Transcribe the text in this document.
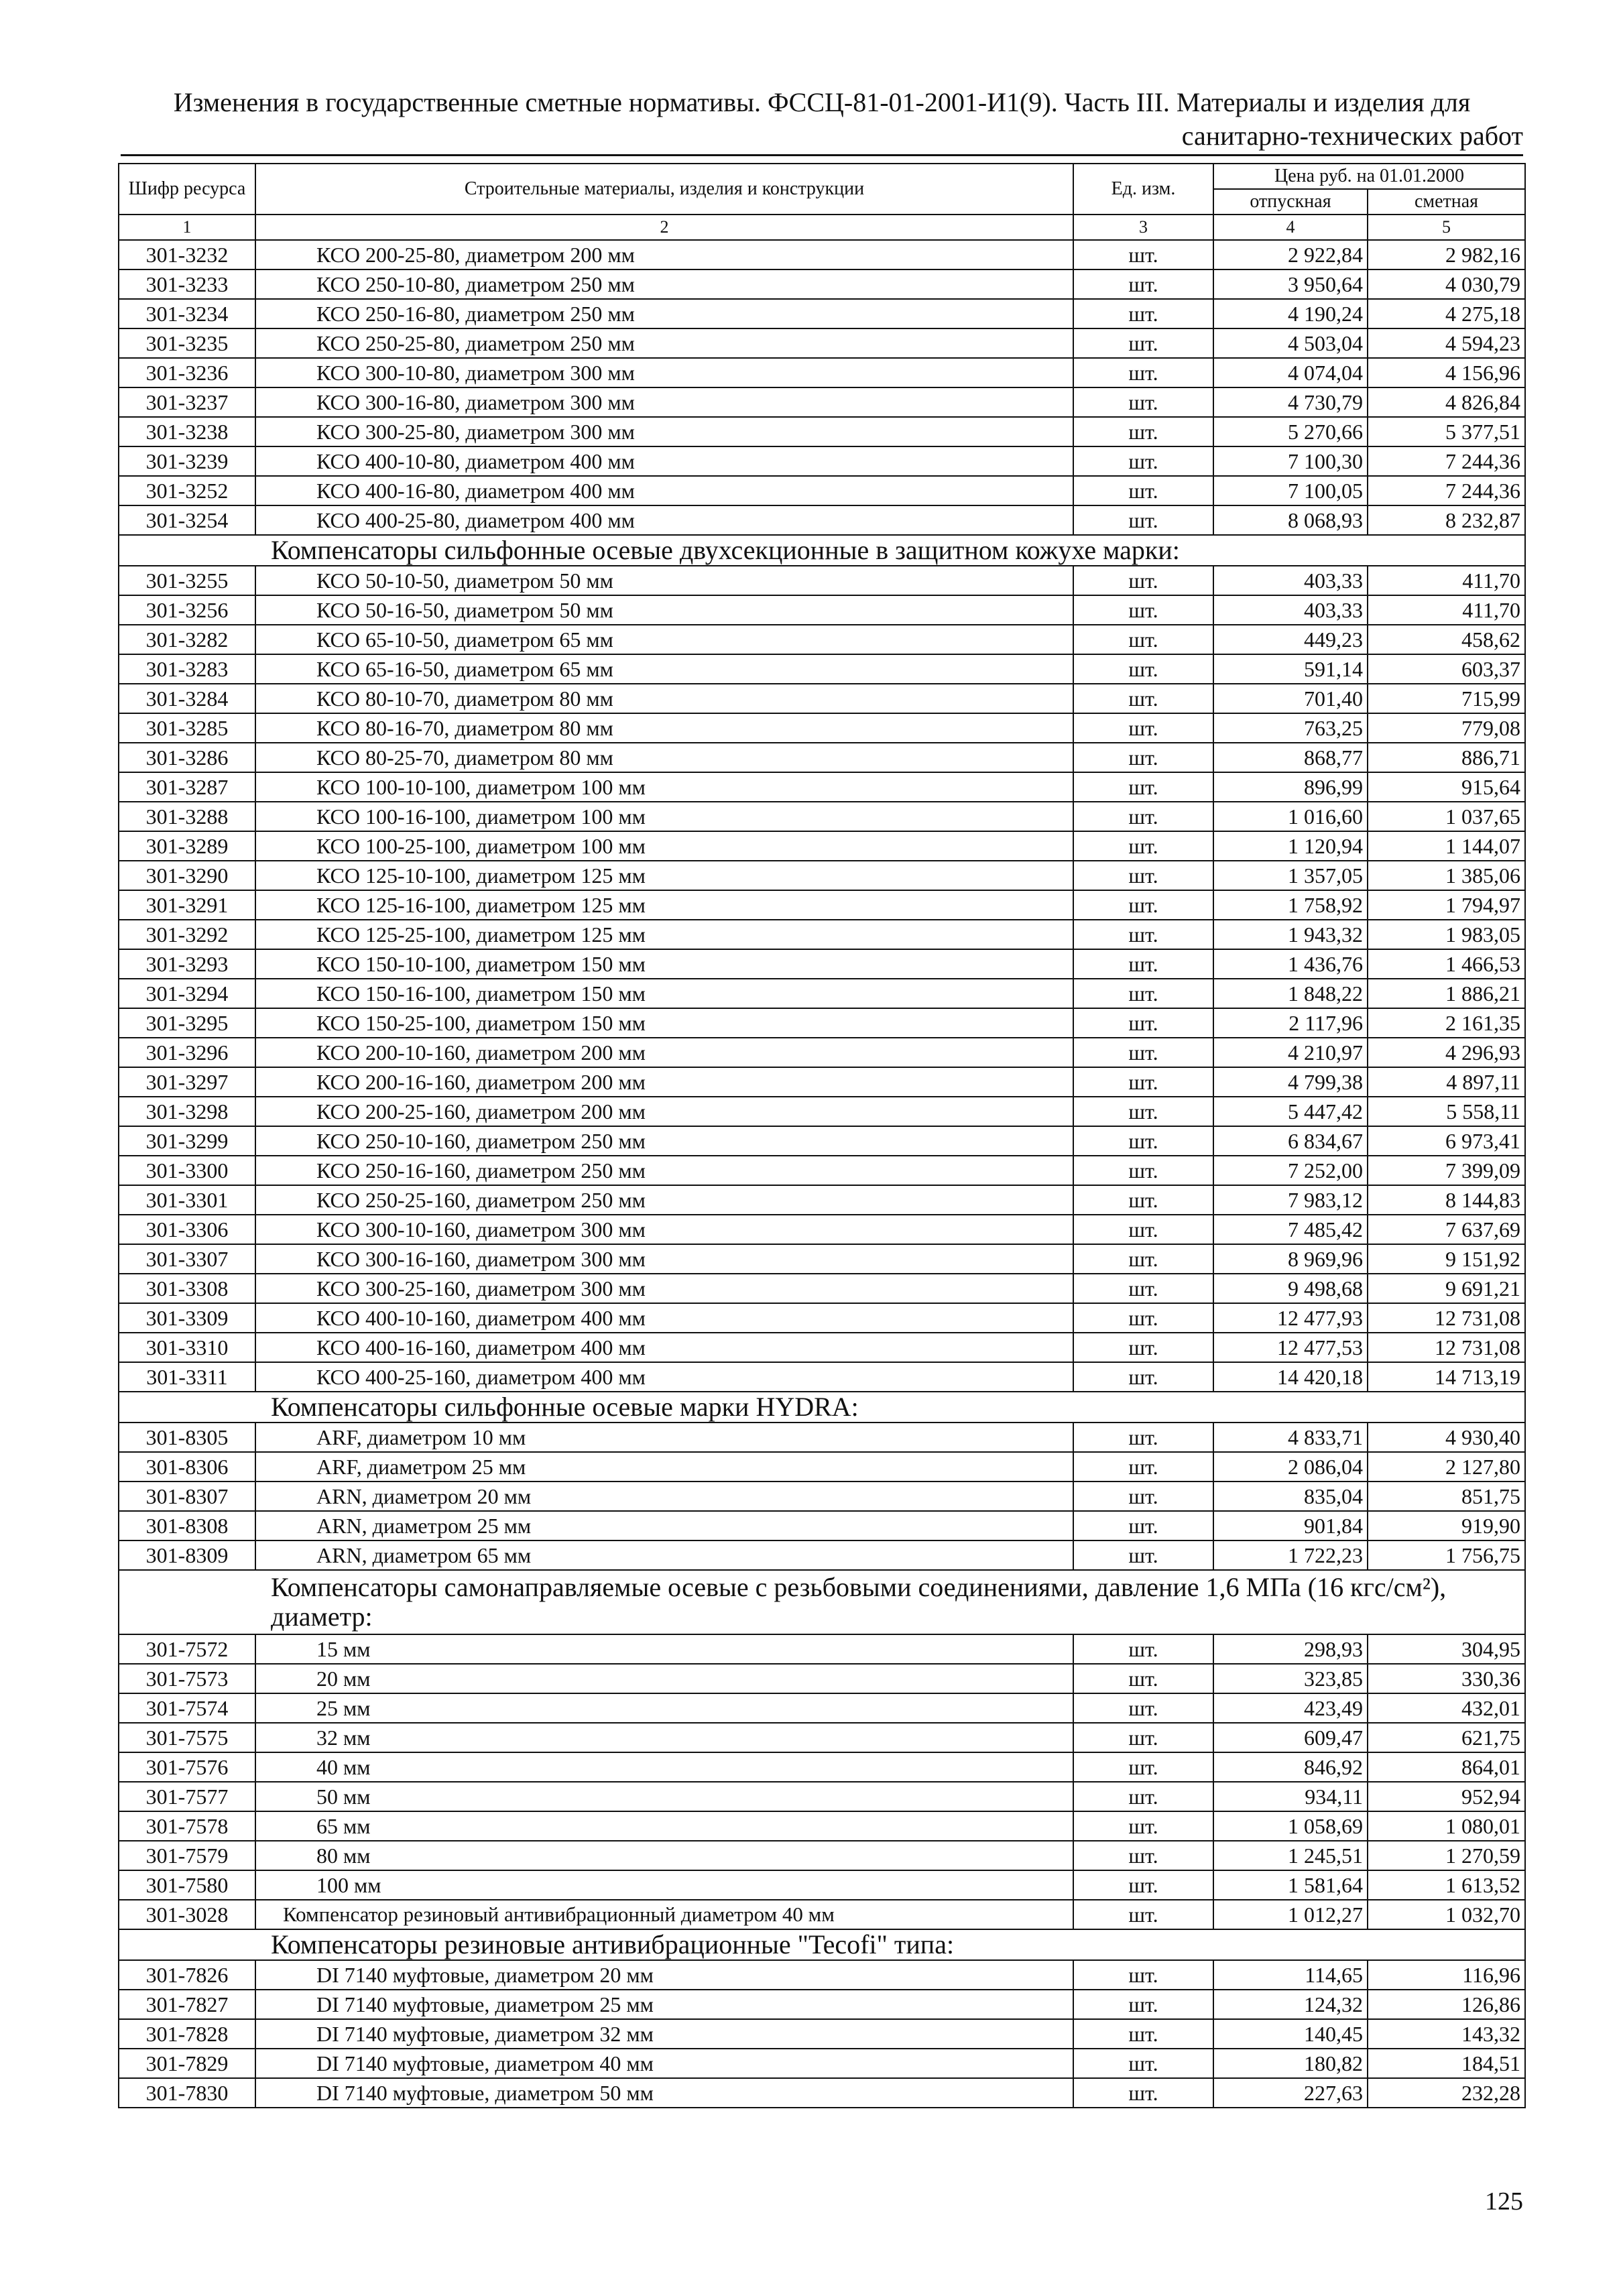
Изменения в государственные сметные нормативы. ФССЦ-81-01-2001-И1(9). Часть III. Материалы и изделия для
санитарно-технических работ
Шифр ресурса	Строительные материалы, изделия и конструкции	Ед. изм.	Цена руб. на 01.01.2000	
			отпускная	сметная
1	2	3	4	5
301-3232	КСО 200-25-80, диаметром 200 мм	шт.	2 922,84	2 982,16
301-3233	КСО 250-10-80, диаметром 250 мм	шт.	3 950,64	4 030,79
301-3234	КСО 250-16-80, диаметром 250 мм	шт.	4 190,24	4 275,18
301-3235	КСО 250-25-80, диаметром 250 мм	шт.	4 503,04	4 594,23
301-3236	КСО 300-10-80, диаметром 300 мм	шт.	4 074,04	4 156,96
301-3237	КСО 300-16-80, диаметром 300 мм	шт.	4 730,79	4 826,84
301-3238	КСО 300-25-80, диаметром 300 мм	шт.	5 270,66	5 377,51
301-3239	КСО 400-10-80, диаметром 400 мм	шт.	7 100,30	7 244,36
301-3252	КСО 400-16-80, диаметром 400 мм	шт.	7 100,05	7 244,36
301-3254	КСО 400-25-80, диаметром 400 мм	шт.	8 068,93	8 232,87
Компенсаторы сильфонные осевые двухсекционные в защитном кожухе марки:				
301-3255	КСО 50-10-50, диаметром 50 мм	шт.	403,33	411,70
301-3256	КСО 50-16-50, диаметром 50 мм	шт.	403,33	411,70
301-3282	КСО 65-10-50, диаметром 65 мм	шт.	449,23	458,62
301-3283	КСО 65-16-50, диаметром 65 мм	шт.	591,14	603,37
301-3284	КСО 80-10-70, диаметром 80 мм	шт.	701,40	715,99
301-3285	КСО 80-16-70, диаметром 80 мм	шт.	763,25	779,08
301-3286	КСО 80-25-70, диаметром 80 мм	шт.	868,77	886,71
301-3287	КСО 100-10-100, диаметром 100 мм	шт.	896,99	915,64
301-3288	КСО 100-16-100, диаметром 100 мм	шт.	1 016,60	1 037,65
301-3289	КСО 100-25-100, диаметром 100 мм	шт.	1 120,94	1 144,07
301-3290	КСО 125-10-100, диаметром 125 мм	шт.	1 357,05	1 385,06
301-3291	КСО 125-16-100, диаметром 125 мм	шт.	1 758,92	1 794,97
301-3292	КСО 125-25-100, диаметром 125 мм	шт.	1 943,32	1 983,05
301-3293	КСО 150-10-100, диаметром 150 мм	шт.	1 436,76	1 466,53
301-3294	КСО 150-16-100, диаметром 150 мм	шт.	1 848,22	1 886,21
301-3295	КСО 150-25-100, диаметром 150 мм	шт.	2 117,96	2 161,35
301-3296	КСО 200-10-160, диаметром 200 мм	шт.	4 210,97	4 296,93
301-3297	КСО 200-16-160, диаметром 200 мм	шт.	4 799,38	4 897,11
301-3298	КСО 200-25-160, диаметром 200 мм	шт.	5 447,42	5 558,11
301-3299	КСО 250-10-160, диаметром 250 мм	шт.	6 834,67	6 973,41
301-3300	КСО 250-16-160, диаметром 250 мм	шт.	7 252,00	7 399,09
301-3301	КСО 250-25-160, диаметром 250 мм	шт.	7 983,12	8 144,83
301-3306	КСО 300-10-160, диаметром 300 мм	шт.	7 485,42	7 637,69
301-3307	КСО 300-16-160, диаметром 300 мм	шт.	8 969,96	9 151,92
301-3308	КСО 300-25-160, диаметром 300 мм	шт.	9 498,68	9 691,21
301-3309	КСО 400-10-160, диаметром 400 мм	шт.	12 477,93	12 731,08
301-3310	КСО 400-16-160, диаметром 400 мм	шт.	12 477,53	12 731,08
301-3311	КСО 400-25-160, диаметром 400 мм	шт.	14 420,18	14 713,19
Компенсаторы сильфонные осевые марки HYDRA:				
301-8305	ARF, диаметром 10 мм	шт.	4 833,71	4 930,40
301-8306	ARF, диаметром 25 мм	шт.	2 086,04	2 127,80
301-8307	ARN, диаметром 20 мм	шт.	835,04	851,75
301-8308	ARN, диаметром 25 мм	шт.	901,84	919,90
301-8309	ARN, диаметром 65 мм	шт.	1 722,23	1 756,75
Компенсаторы самонаправляемые осевые с резьбовыми соединениями, давление 1,6 МПа (16 кгс/см²), диаметр:				
301-7572	15 мм	шт.	298,93	304,95
301-7573	20 мм	шт.	323,85	330,36
301-7574	25 мм	шт.	423,49	432,01
301-7575	32 мм	шт.	609,47	621,75
301-7576	40 мм	шт.	846,92	864,01
301-7577	50 мм	шт.	934,11	952,94
301-7578	65 мм	шт.	1 058,69	1 080,01
301-7579	80 мм	шт.	1 245,51	1 270,59
301-7580	100 мм	шт.	1 581,64	1 613,52
301-3028	Компенсатор резиновый антивибрационный диаметром 40 мм	шт.	1 012,27	1 032,70
Компенсаторы резиновые антивибрационные "Tecofi" типа:				
301-7826	DI 7140 муфтовые, диаметром 20 мм	шт.	114,65	116,96
301-7827	DI 7140 муфтовые, диаметром 25 мм	шт.	124,32	126,86
301-7828	DI 7140 муфтовые, диаметром 32 мм	шт.	140,45	143,32
301-7829	DI 7140 муфтовые, диаметром 40 мм	шт.	180,82	184,51
301-7830	DI 7140 муфтовые, диаметром 50 мм	шт.	227,63	232,28
125
